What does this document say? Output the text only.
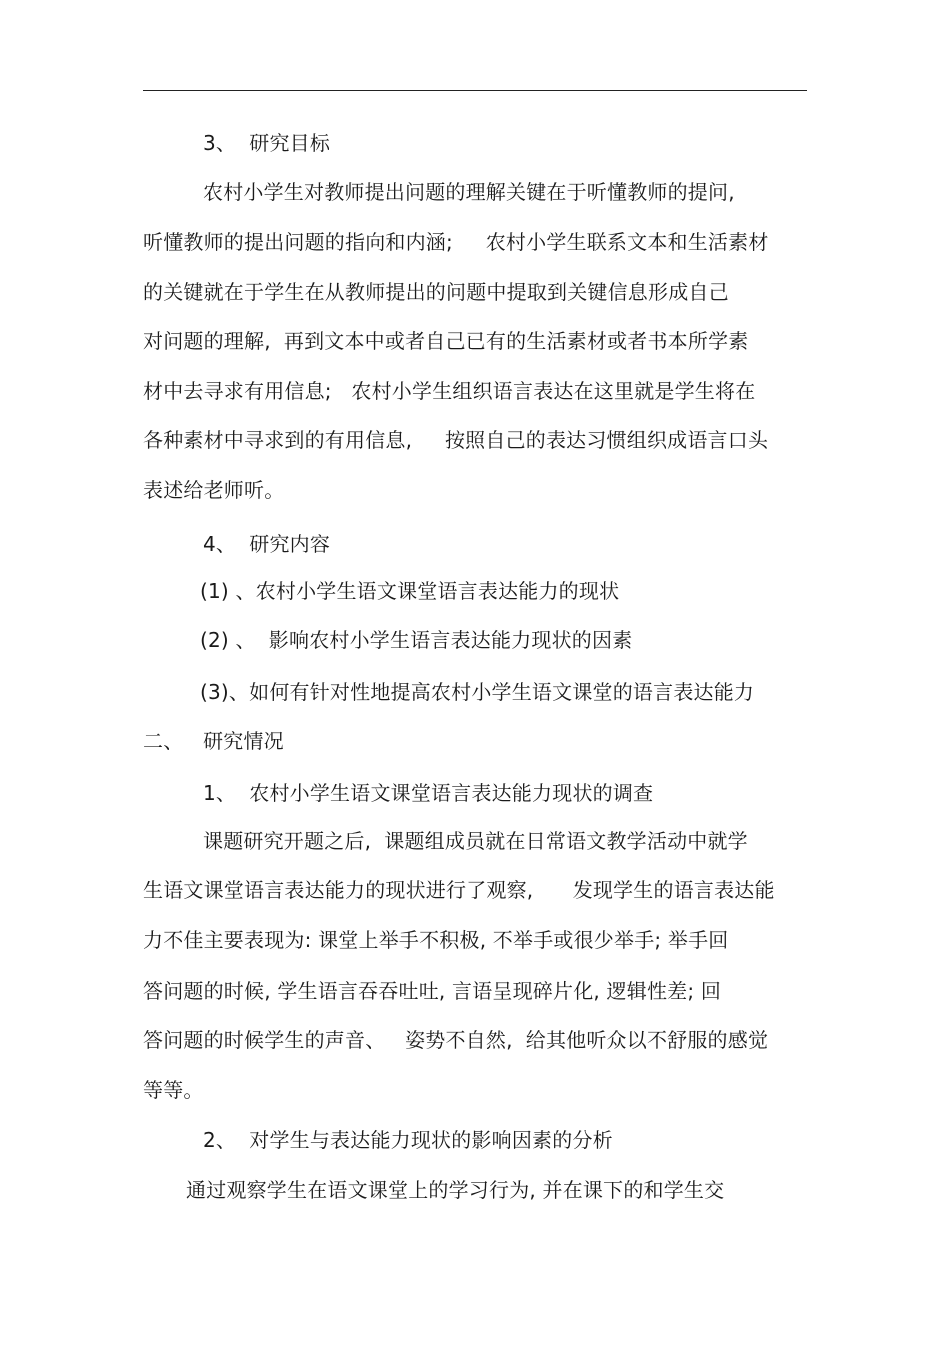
3、  研究目标
农村小学生对教师提出问题的理解关键在于听懂教师的提问,
听懂教师的提出问题的指向和内涵;     农村小学生联系文本和生活素材
的关键就在于学生在从教师提出的问题中提取到关键信息形成自己
对问题的理解,  再到文本中或者自己已有的生活素材或者书本所学素
材中去寻求有用信息;   农村小学生组织语言表达在这里就是学生将在
各种素材中寻求到的有用信息,     按照自己的表达习惯组织成语言口头
表述给老师听。
4、  研究内容
(1) 、农村小学生语文课堂语言表达能力的现状
(2) 、  影响农村小学生语言表达能力现状的因素
(3)、如何有针对性地提高农村小学生语文课堂的语言表达能力
二、   研究情况
1、  农村小学生语文课堂语言表达能力现状的调查
课题研究开题之后,  课题组成员就在日常语文教学活动中就学
生语文课堂语言表达能力的现状进行了观察,      发现学生的语言表达能
力不佳主要表现为: 课堂上举手不积极, 不举手或很少举手; 举手回
答问题的时候, 学生语言吞吞吐吐, 言语呈现碎片化, 逻辑性差; 回
答问题的时候学生的声音、   姿势不自然,  给其他听众以不舒服的感觉
等等。
2、  对学生与表达能力现状的影响因素的分析
通过观察学生在语文课堂上的学习行为, 并在课下的和学生交
